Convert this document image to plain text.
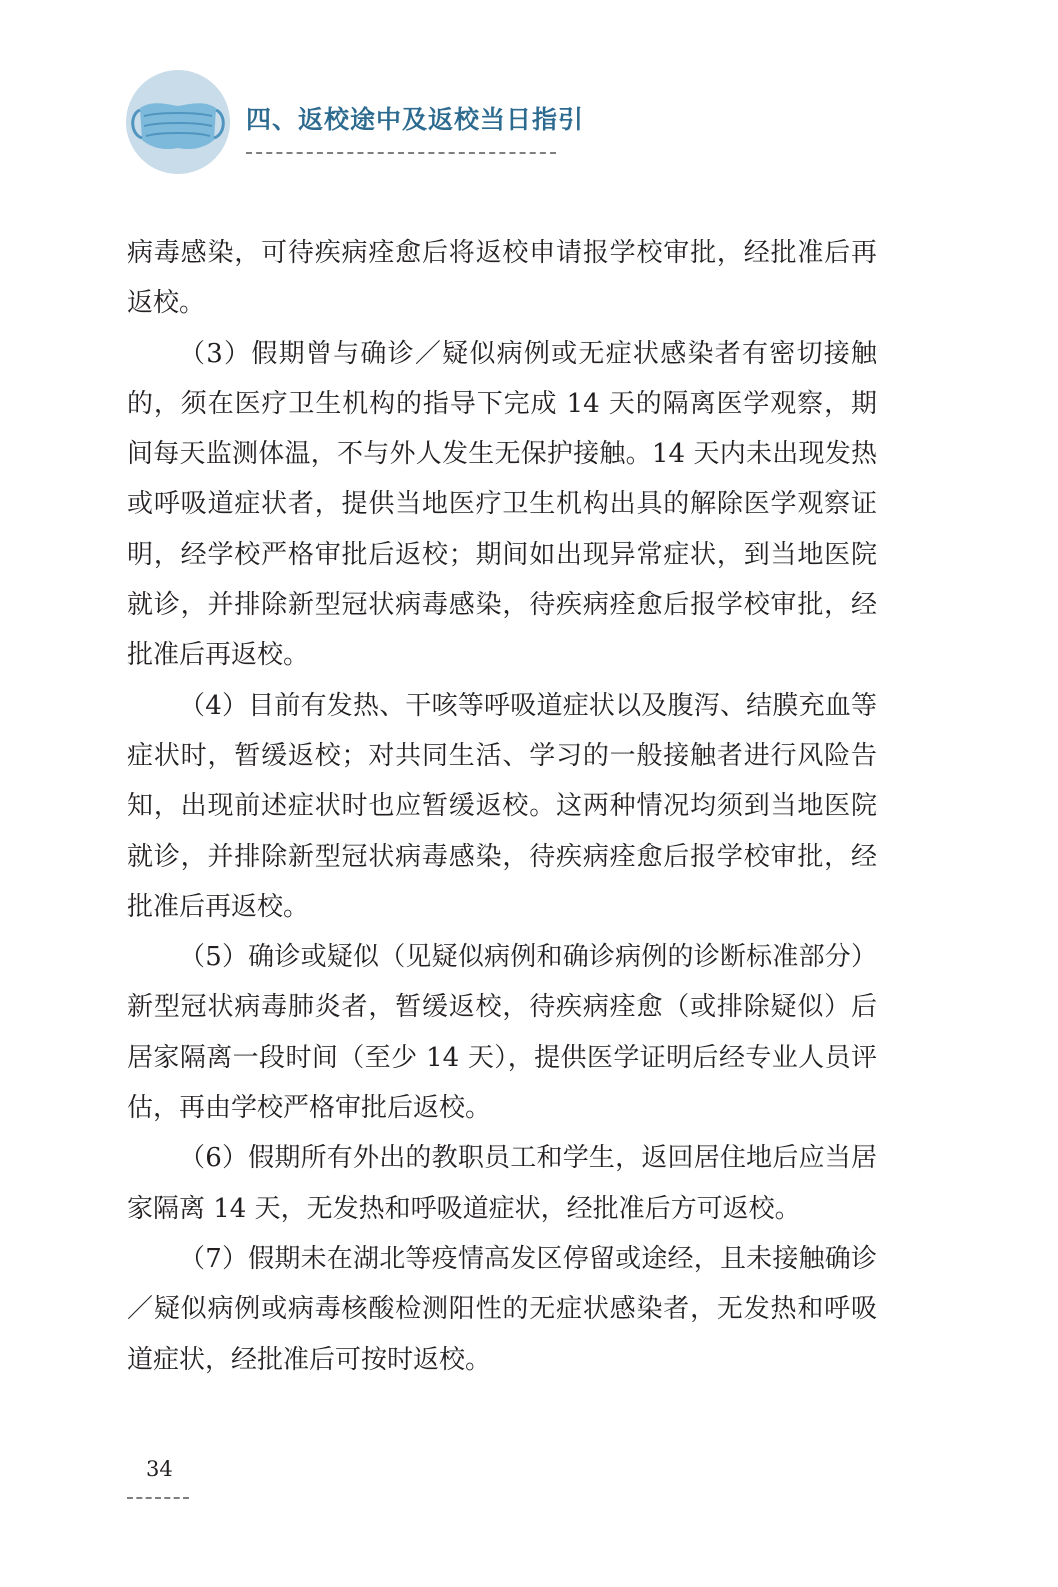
四、返校途中及返校当日指引

病毒感染，可待疾病痊愈后将返校申请报学校审批，经批准后再返校。

（3）假期曾与确诊／疑似病例或无症状感染者有密切接触的，须在医疗卫生机构的指导下完成 14 天的隔离医学观察，期间每天监测体温，不与外人发生无保护接触。14 天内未出现发热或呼吸道症状者，提供当地医疗卫生机构出具的解除医学观察证明，经学校严格审批后返校；期间如出现异常症状，到当地医院就诊，并排除新型冠状病毒感染，待疾病痊愈后报学校审批，经批准后再返校。

（4）目前有发热、干咳等呼吸道症状以及腹泻、结膜充血等症状时，暂缓返校；对共同生活、学习的一般接触者进行风险告知，出现前述症状时也应暂缓返校。这两种情况均须到当地医院就诊，并排除新型冠状病毒感染，待疾病痊愈后报学校审批，经批准后再返校。

（5）确诊或疑似（见疑似病例和确诊病例的诊断标准部分）新型冠状病毒肺炎者，暂缓返校，待疾病痊愈（或排除疑似）后居家隔离一段时间（至少 14 天），提供医学证明后经专业人员评估，再由学校严格审批后返校。

（6）假期所有外出的教职员工和学生，返回居住地后应当居家隔离 14 天，无发热和呼吸道症状，经批准后方可返校。

（7）假期未在湖北等疫情高发区停留或途经，且未接触确诊／疑似病例或病毒核酸检测阳性的无症状感染者，无发热和呼吸道症状，经批准后可按时返校。

34
